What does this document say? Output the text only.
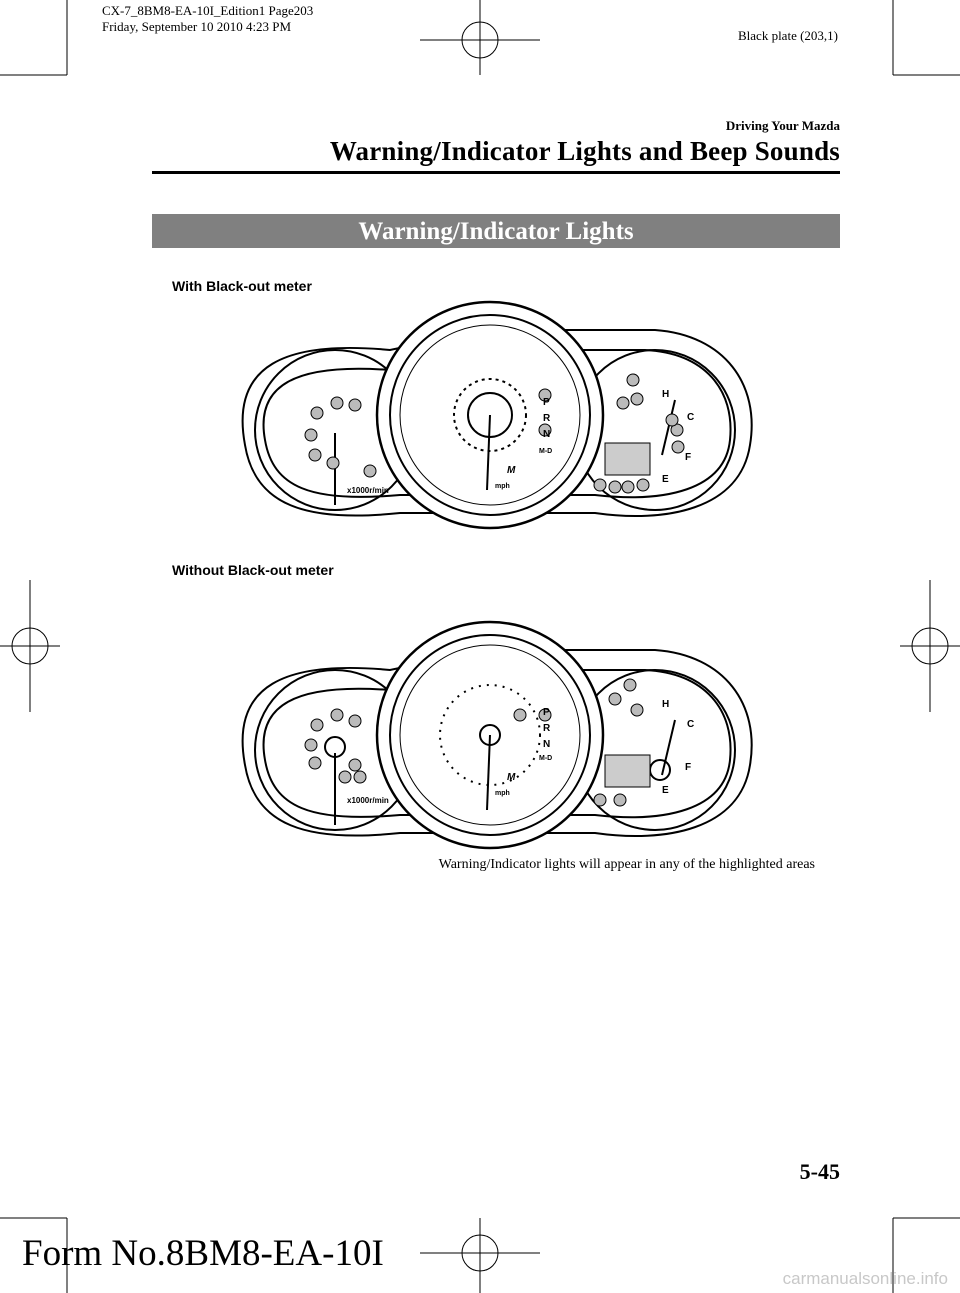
CX-7_8BM8-EA-10I_Edition1 Page203
Friday, September 10 2010 4:23 PM
Black plate (203,1)
Driving Your Mazda
Warning/Indicator Lights and Beep Sounds
Warning/Indicator Lights
With Black-out meter
x1000r/min	mph
M
P
R
N
M-D
H
C
F
E
Without Black-out meter
x1000r/min
mph
M
P
R
N
M-D
H
C
F
E
Warning/Indicator lights will appear in any of the highlighted areas
5-45
Form No.8BM8-EA-10I
carmanualsonline.info
